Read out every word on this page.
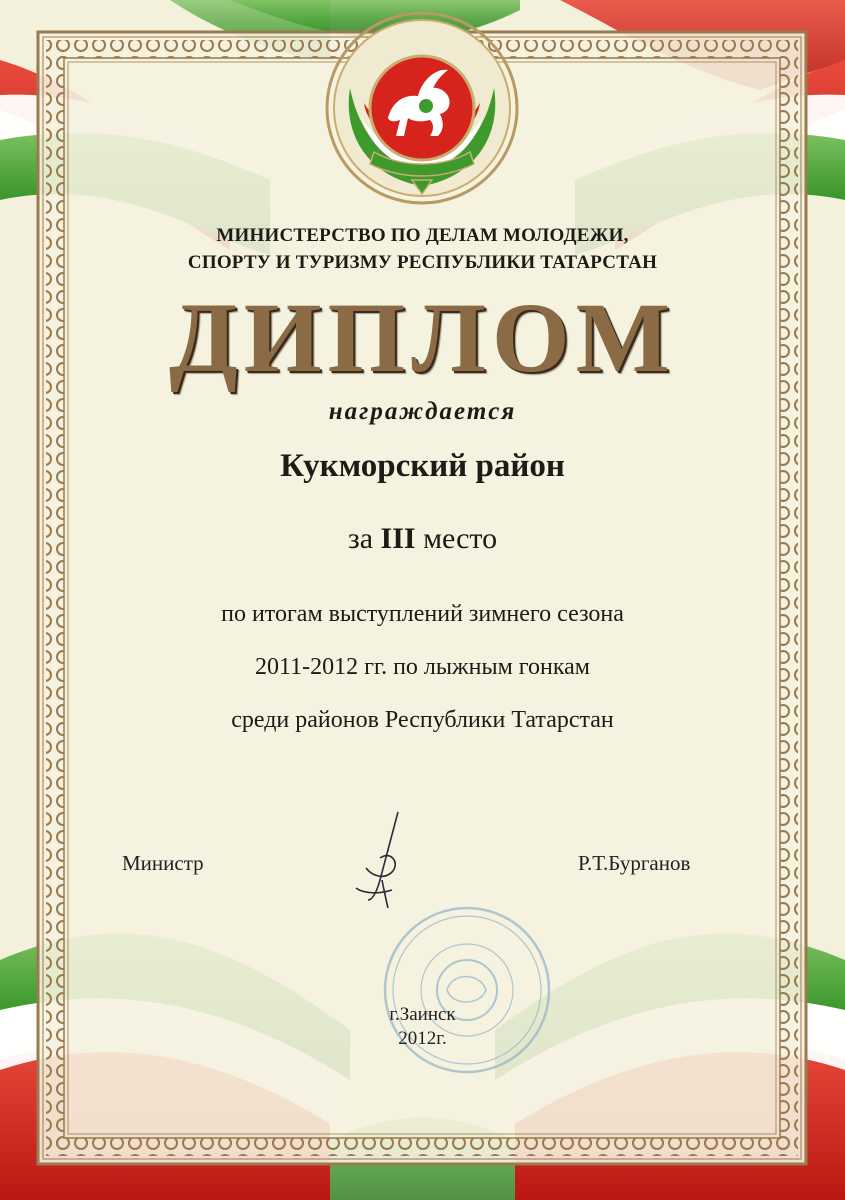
МИНИСТЕРСТВО ПО ДЕЛАМ МОЛОДЕЖИ,
СПОРТУ И ТУРИЗМУ РЕСПУБЛИКИ ТАТАРСТАН
ДИПЛОМ
награждается
Кукморский район
за III место
по итогам выступлений зимнего сезона
2011-2012 гг. по лыжным гонкам
среди районов Республики Татарстан
Министр	Р.Т.Бурганов
г.Заинск
2012г.
